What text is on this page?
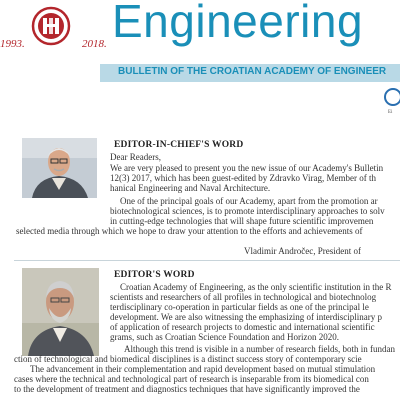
1993.	2018. Engineering
BULLETIN OF THE CROATIAN ACADEMY OF ENGINEER
Ei
EDITOR-IN-CHIEF'S WORD
Dear Readers,
We are very pleased to present you the new issue of our Academy's Bulletin
12(3) 2017, which has been guest-edited by Zdravko Virag, Member of th
hanical Engineering and Naval Architecture.
One of the principal goals of our Academy, apart from the promotion ar
biotechnological sciences, is to promote interdisciplinary approaches to solv
in cutting-edge technologies that will shape future scientific improvemen
selected media through which we hope to draw your attention to the efforts and achievements of
Vladimir Andročec, President of
EDITOR'S WORD
Croatian Academy of Engineering, as the only scientific institution in the R
scientists and researchers of all profiles in technological and biotechnolog
terdisciplinary co-operation in particular fields as one of the principal le
development. We are also witnessing the emphasizing of interdisciplinary p
of application of research projects to domestic and international scientific
grams, such as Croatian Science Foundation and Horizon 2020.
Although this trend is visible in a number of research fields, both in fundan
ction of technological and biomedical disciplines is a distinct success story of contemporary scie
The advancement in their complementation and rapid development based on mutual stimulation
cases where the technical and technological part of research is inseparable from its biomedical con
to the development of treatment and diagnostics techniques that have significantly improved the
